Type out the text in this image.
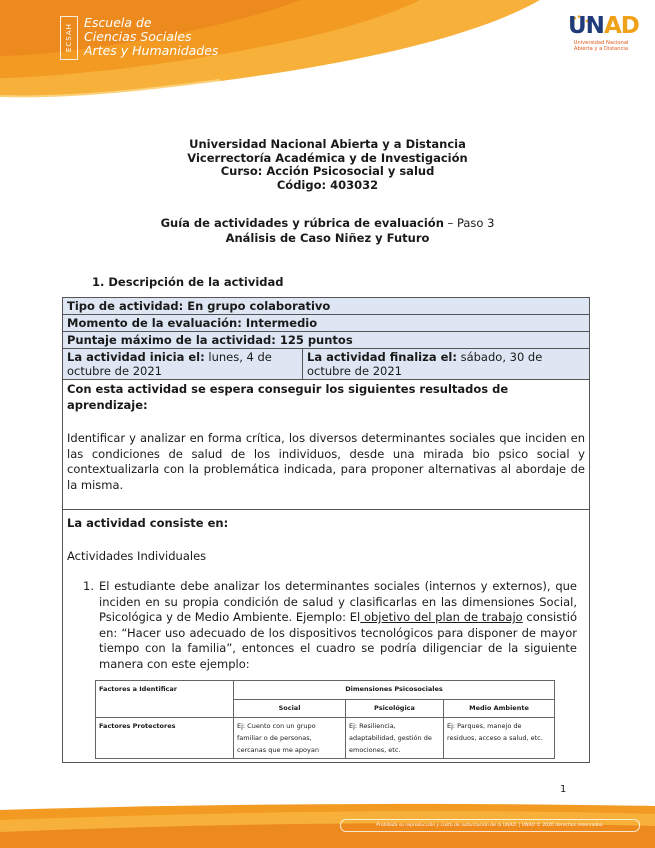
ECSAH
Escuela de
Ciencias Sociales
Artes y Humanidades
UNAD
Universidad Nacional
Abierta y a Distancia
Universidad Nacional Abierta y a Distancia
Vicerrectoría Académica y de Investigación
Curso: Acción Psicosocial y salud
Código: 403032
Guía de actividades y rúbrica de evaluación – Paso 3
Análisis de Caso Niñez y Futuro
1. Descripción de la actividad
Tipo de actividad: En grupo colaborativo
Momento de la evaluación: Intermedio
Puntaje máximo de la actividad: 125 puntos
La actividad inicia el: lunes, 4 de octubre de 2021
La actividad finaliza el: sábado, 30 de octubre de 2021
Con esta actividad se espera conseguir los siguientes resultados de aprendizaje:
Identificar y analizar en forma crítica, los diversos determinantes sociales que inciden en las condiciones de salud de los individuos, desde una mirada bio psico social y contextualizarla con la problemática indicada, para proponer alternativas al abordaje de la misma.
La actividad consiste en:
Actividades Individuales
1. El estudiante debe analizar los determinantes sociales (internos y externos), que inciden en su propia condición de salud y clasificarlas en las dimensiones Social, Psicológica y de Medio Ambiente. Ejemplo: El objetivo del plan de trabajo consistió en: “Hacer uso adecuado de los dispositivos tecnológicos para disponer de mayor tiempo con la familia”, entonces el cuadro se podría diligenciar de la siguiente manera con este ejemplo:
Factores a Identificar	Dimensiones Psicosociales		
	Social	Psicológica	Medio Ambiente
Factores Protectores	Ej: Cuento con un grupo familiar o de personas, cercanas que me apoyan	Ej: Resiliencia, adaptabilidad, gestión de emociones, etc.	Ej: Parques, manejo de residuos, acceso a salud, etc.
1
Prohibida su reproducción y costo de autorización de la UNAD. | UNAD © 2020 derechos reservados.
